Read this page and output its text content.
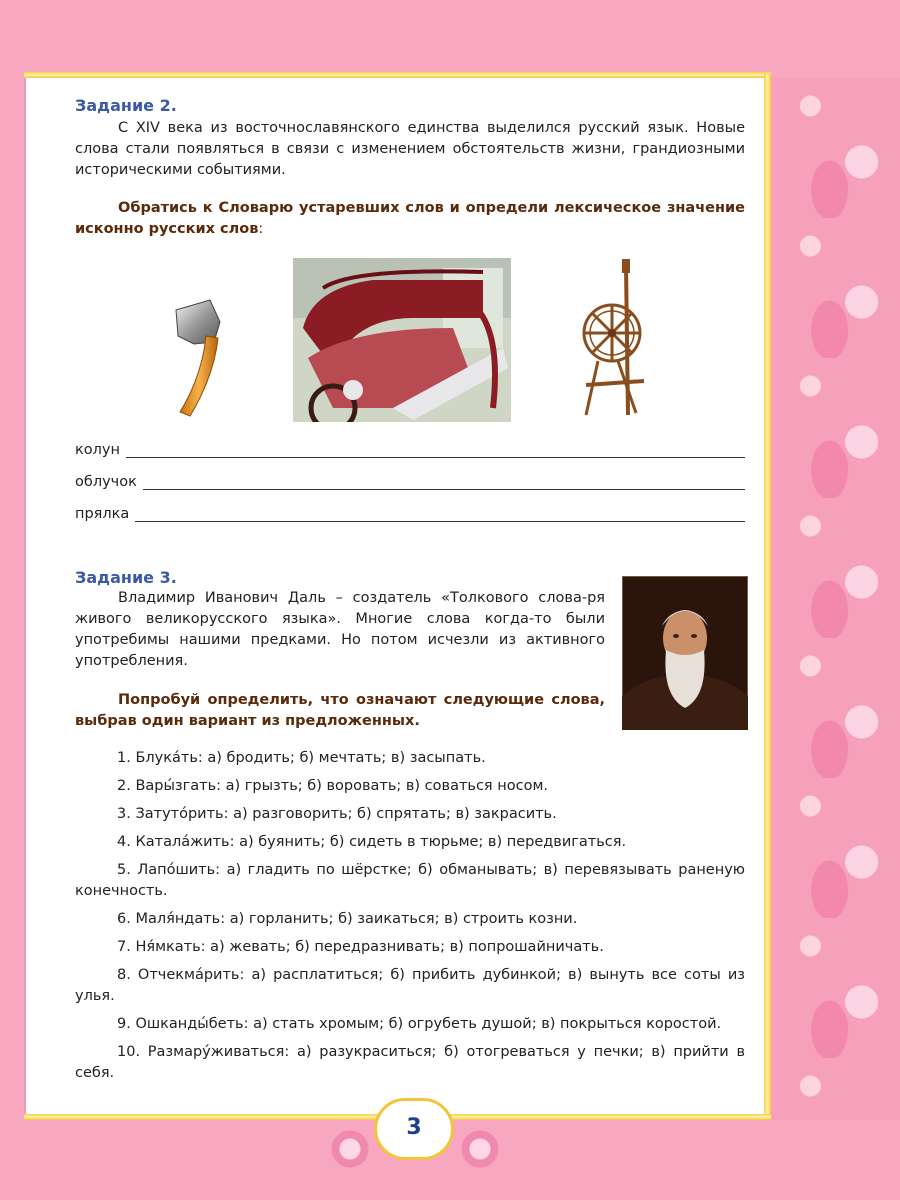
3
Задание 2.
С XIV века из восточнославянского единства выделился русский язык. Новые слова стали появляться в связи с изменением обстоятельств жизни, грандиозными историческими событиями.
Обратись к Словарю устаревших слов и определи лексическое значение исконно русских слов:
колун
облучок
прялка
Задание 3.
Владимир Иванович Даль – создатель «Толкового слова-ря живого великорусского языка». Многие слова когда-то были употребимы нашими предками. Но потом исчезли из активного употребления.
Попробуй определить, что означают следующие слова, выбрав один вариант из предложенных.
1. Блука́ть: а) бродить; б) мечтать; в) засыпать.
2. Вары́згать: а) грызть; б) воровать; в) соваться носом.
3. Затуто́рить: а) разговорить; б) спрятать; в) закрасить.
4. Катала́жить: а) буянить; б) сидеть в тюрьме; в) передвигаться.
5. Лапо́шить: а) гладить по шёрстке; б) обманывать; в) перевязывать раненую конечность.
6. Маля́ндать: а) горланить; б) заикаться; в) строить козни.
7. Ня́мкать: а) жевать; б) передразнивать; в) попрошайничать.
8. Отчекма́рить: а) расплатиться; б) прибить дубинкой; в) вынуть все соты из улья.
9. Ошканды́бeть: а) стать хромым; б) огрубеть душой; в) покрыться коростой.
10. Размару́живаться: а) разукраситься; б) отогреваться у печки; в) прийти в себя.
